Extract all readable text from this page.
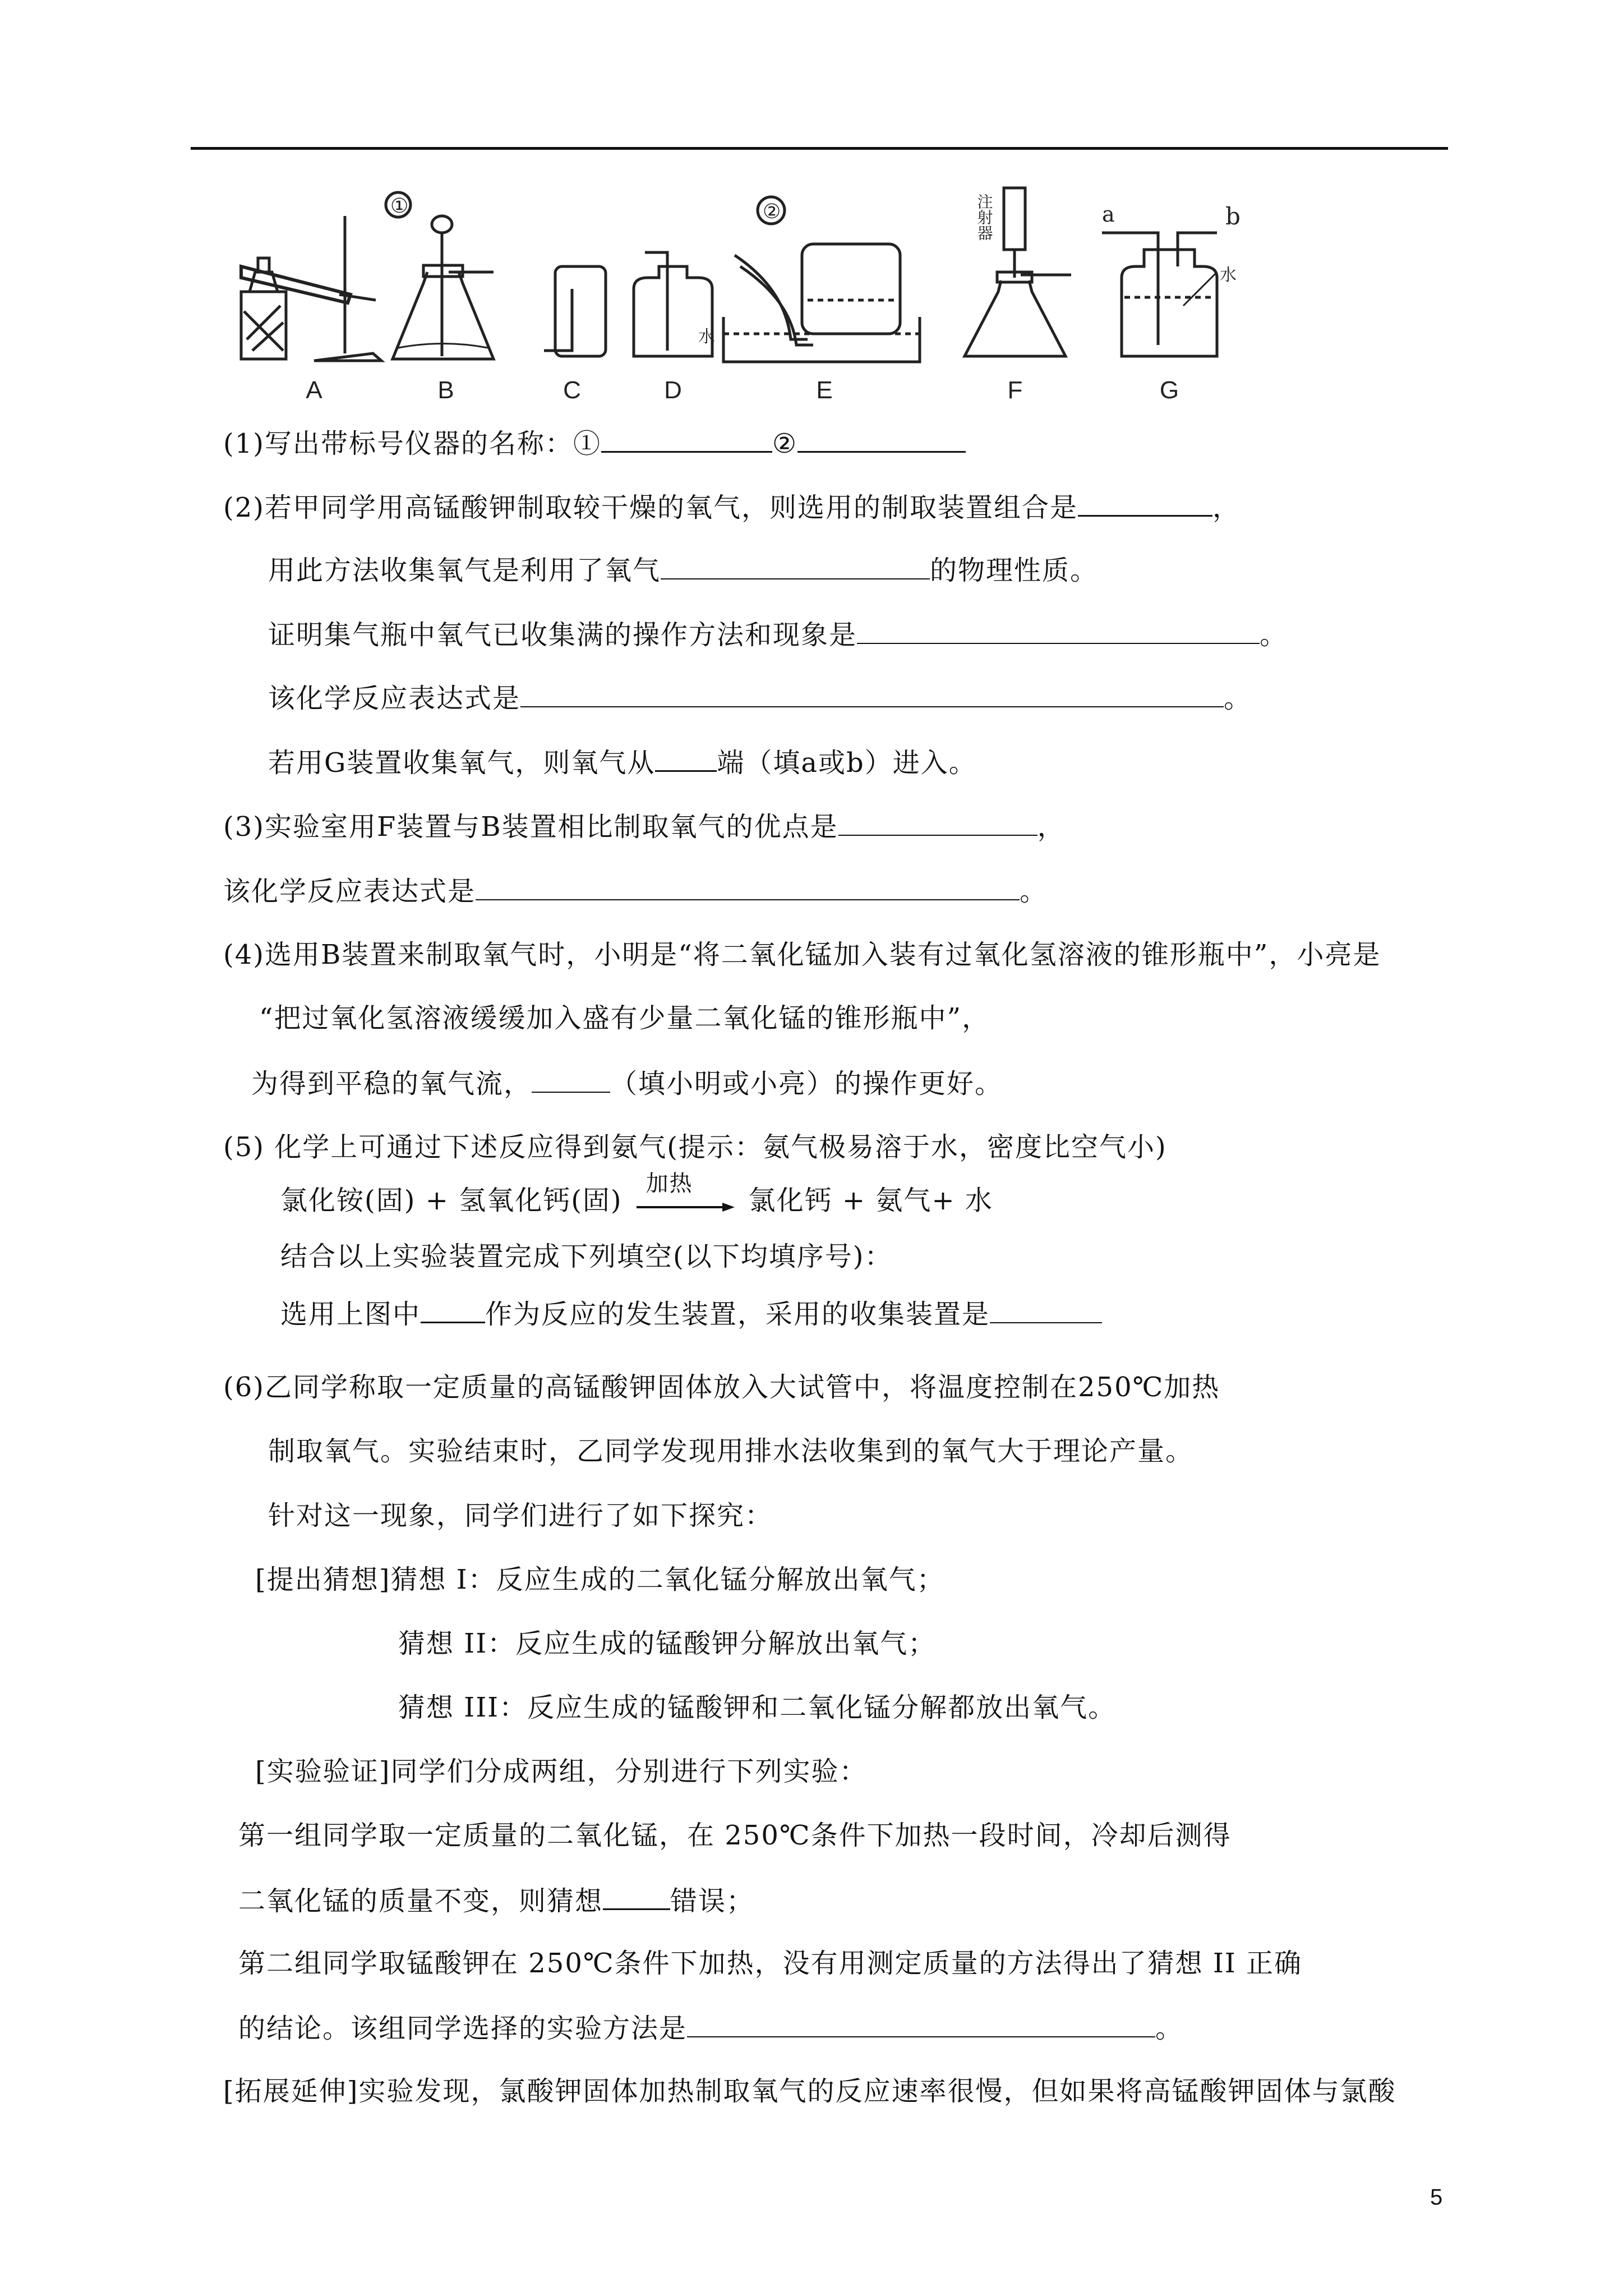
A	B	C	D	E	F	G
①	②
水
注射器	a	b
水
(1)写出带标号仪器的名称：①	②
(2)若甲同学用高锰酸钾制取较干燥的氧气，则选用的制取装置组合是	，
用此方法收集氧气是利用了氧气	的物理性质。
证明集气瓶中氧气已收集满的操作方法和现象是	。
该化学反应表达式是	。
若用G装置收集氧气，则氧气从 端（填a或b）进入。
(3)实验室用F装置与B装置相比制取氧气的优点是	，
该化学反应表达式是	。
(4)选用B装置来制取氧气时，小明是“将二氧化锰加入装有过氧化氢溶液的锥形瓶中”，小亮是
“把过氧化氢溶液缓缓加入盛有少量二氧化锰的锥形瓶中”，
为得到平稳的氧气流，	（填小明或小亮）的操作更好。
(5) 化学上可通过下述反应得到氨气(提示：氨气极易溶于水，密度比空气小)
氯化铵(固) + 氢氧化钙(固)
加热
氯化钙 + 氨气+ 水
结合以上实验装置完成下列填空(以下均填序号)：
选用上图中 作为反应的发生装置，采用的收集装置是
(6)乙同学称取一定质量的高锰酸钾固体放入大试管中，将温度控制在250℃加热
制取氧气。实验结束时，乙同学发现用排水法收集到的氧气大于理论产量。
针对这一现象，同学们进行了如下探究：
[提出猜想]猜想 I：反应生成的二氧化锰分解放出氧气；
猜想 II：反应生成的锰酸钾分解放出氧气；
猜想 III：反应生成的锰酸钾和二氧化锰分解都放出氧气。
[实验验证]同学们分成两组，分别进行下列实验：
第一组同学取一定质量的二氧化锰，在 250℃条件下加热一段时间，冷却后测得
二氧化锰的质量不变，则猜想	错误；
第二组同学取锰酸钾在 250℃条件下加热，没有用测定质量的方法得出了猜想 II 正确
的结论。该组同学选择的实验方法是	。
[拓展延伸]实验发现，氯酸钾固体加热制取氧气的反应速率很慢，但如果将高锰酸钾固体与氯酸
5
